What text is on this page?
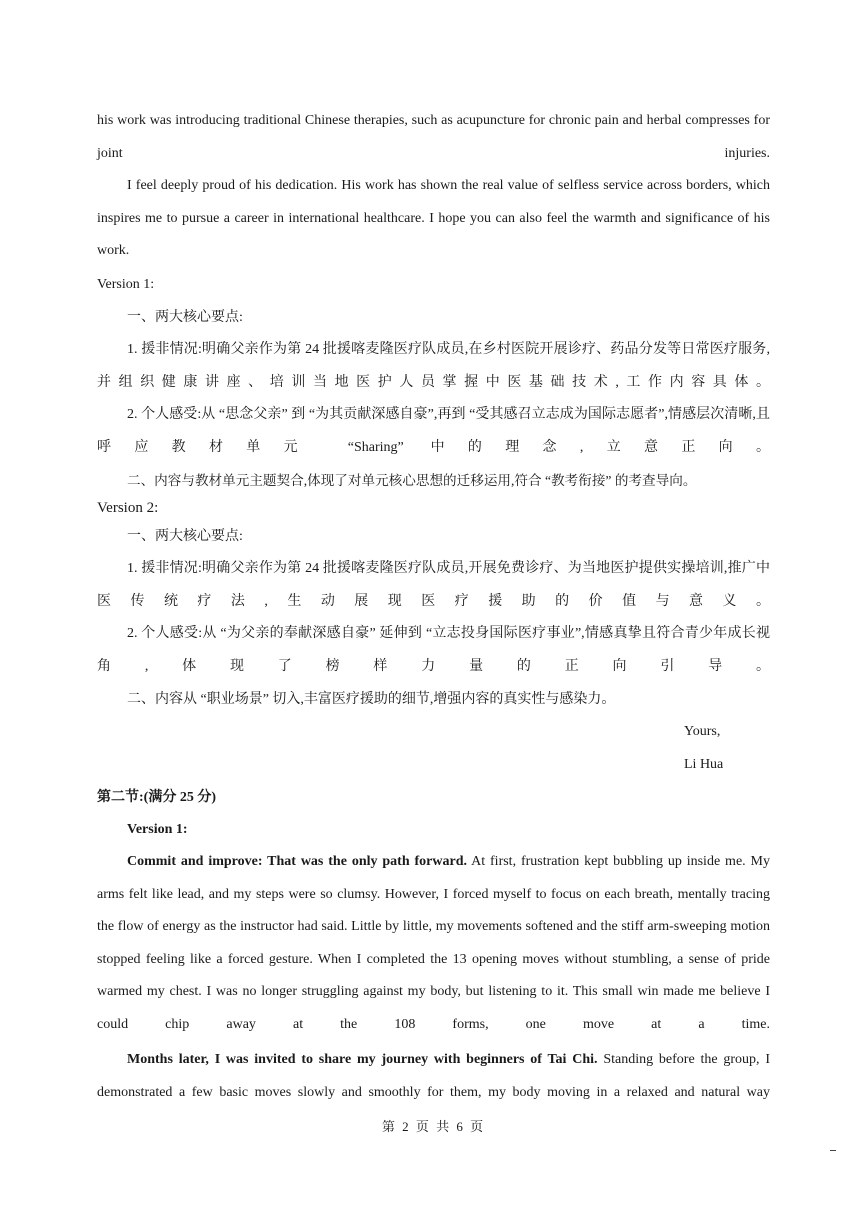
his work was introducing traditional Chinese therapies, such as acupuncture for chronic pain and herbal compresses for joint injuries.

I feel deeply proud of his dedication. His work has shown the real value of selfless service across borders, which inspires me to pursue a career in international healthcare. I hope you can also feel the warmth and significance of his work.

Version 1:
一、两大核心要点:

1. 援非情况:明确父亲作为第 24 批援喀麦隆医疗队成员,在乡村医院开展诊疗、药品分发等日常医疗服务,并组织健康讲座、培训当地医护人员掌握中医基础技术,工作内容具体。

2. 个人感受:从 “思念父亲” 到 “为其贡献深感自豪”,再到 “受其感召立志成为国际志愿者”,情感层次清晰,且呼应教材单元 “Sharing” 中的理念,立意正向。

二、内容与教材单元主题契合,体现了对单元核心思想的迁移运用,符合 “教考衔接” 的考查导向。
Version 2:
一、两大核心要点:

1. 援非情况:明确父亲作为第 24 批援喀麦隆医疗队成员,开展免费诊疗、为当地医护提供实操培训,推广中医传统疗法,生动展现医疗援助的价值与意义。

2. 个人感受:从 “为父亲的奉献深感自豪” 延伸到 “立志投身国际医疗事业”,情感真挚且符合青少年成长视角,体现了榜样力量的正向引导。

二、内容从 “职业场景” 切入,丰富医疗援助的细节,增强内容的真实性与感染力。
Yours,
Li Hua
第二节:(满分 25 分)
Version 1:

Commit and improve: That was the only path forward. At first, frustration kept bubbling up inside me. My arms felt like lead, and my steps were so clumsy. However, I forced myself to focus on each breath, mentally tracing the flow of energy as the instructor had said. Little by little, my movements softened and the stiff arm-sweeping motion stopped feeling like a forced gesture. When I completed the 13 opening moves without stumbling, a sense of pride warmed my chest. I was no longer struggling against my body, but listening to it. This small win made me believe I could chip away at the 108 forms, one move at a time.

Months later, I was invited to share my journey with beginners of Tai Chi. Standing before the group, I demonstrated a few basic moves slowly and smoothly for them, my body moving in a relaxed and natural way

第 2 页 共 6 页
